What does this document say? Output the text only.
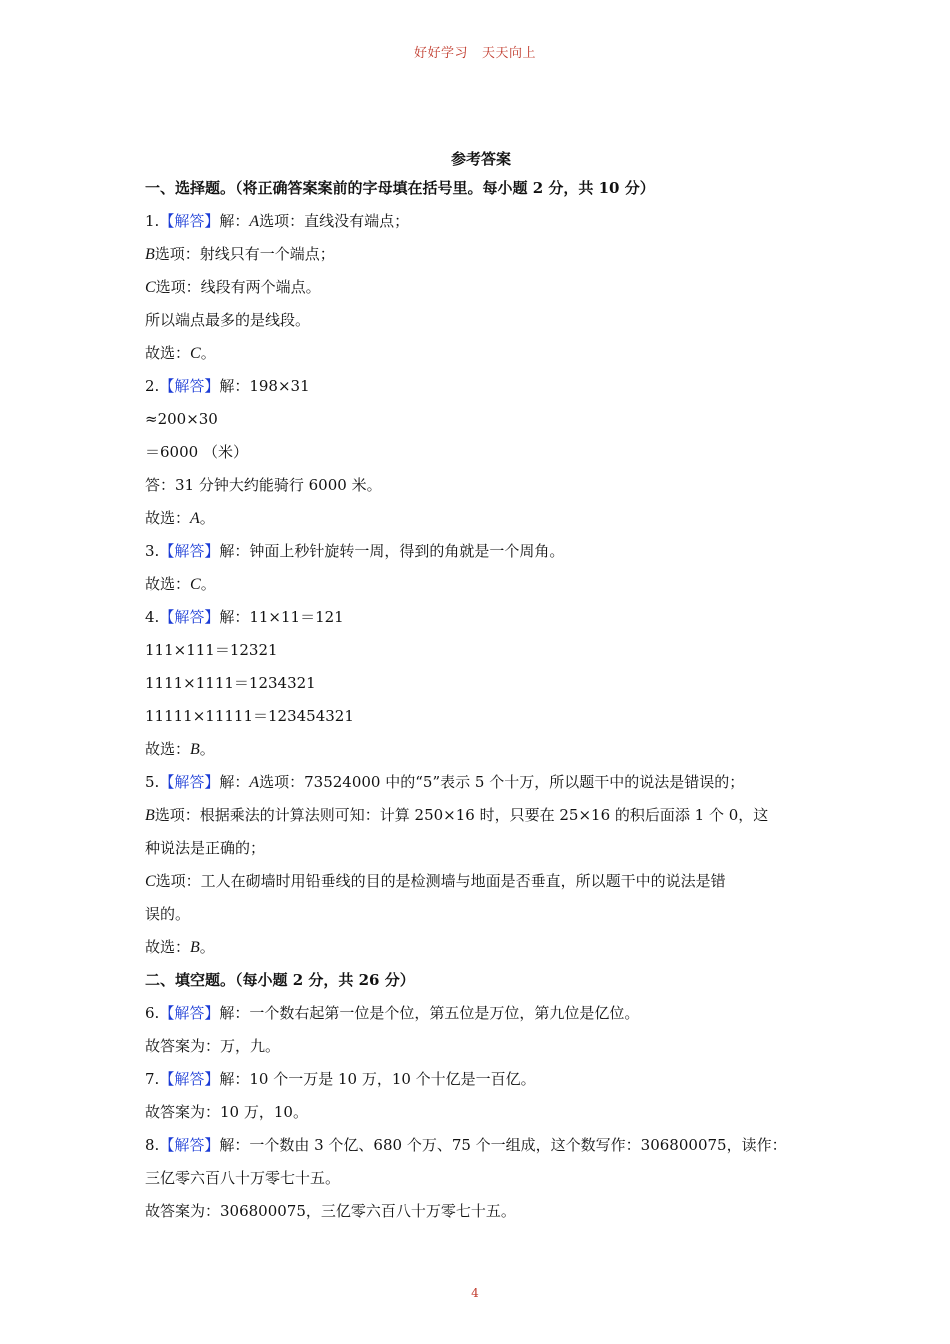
好好学习 天天向上
参考答案
一、选择题。（将正确答案案前的字母填在括号里。每小题 2 分，共 10 分）
1.【解答】解：A选项：直线没有端点；
B选项：射线只有一个端点；
C选项：线段有两个端点。
所以端点最多的是线段。
故选：C。
2.【解答】解：198×31
≈200×30
＝6000 （米）
答：31 分钟大约能骑行 6000 米。
故选：A。
3.【解答】解：钟面上秒针旋转一周，得到的角就是一个周角。
故选：C。
4.【解答】解：11×11＝121
111×111＝12321
1111×1111＝1234321
11111×11111＝123454321
故选：B。
5.【解答】解：A选项：73524000 中的“5”表示 5 个十万，所以题干中的说法是错误的；
B选项：根据乘法的计算法则可知：计算 250×16 时，只要在 25×16 的积后面添 1 个 0，这
种说法是正确的；
C选项：工人在砌墙时用铅垂线的目的是检测墙与地面是否垂直，所以题干中的说法是错
误的。
故选：B。
二、填空题。（每小题 2 分，共 26 分）
6.【解答】解：一个数右起第一位是个位，第五位是万位，第九位是亿位。
故答案为：万，九。
7.【解答】解：10 个一万是 10 万，10 个十亿是一百亿。
故答案为：10 万，10。
8.【解答】解：一个数由 3 个亿、680 个万、75 个一组成，这个数写作：306800075，读作：
三亿零六百八十万零七十五。
故答案为：306800075，三亿零六百八十万零七十五。
4
